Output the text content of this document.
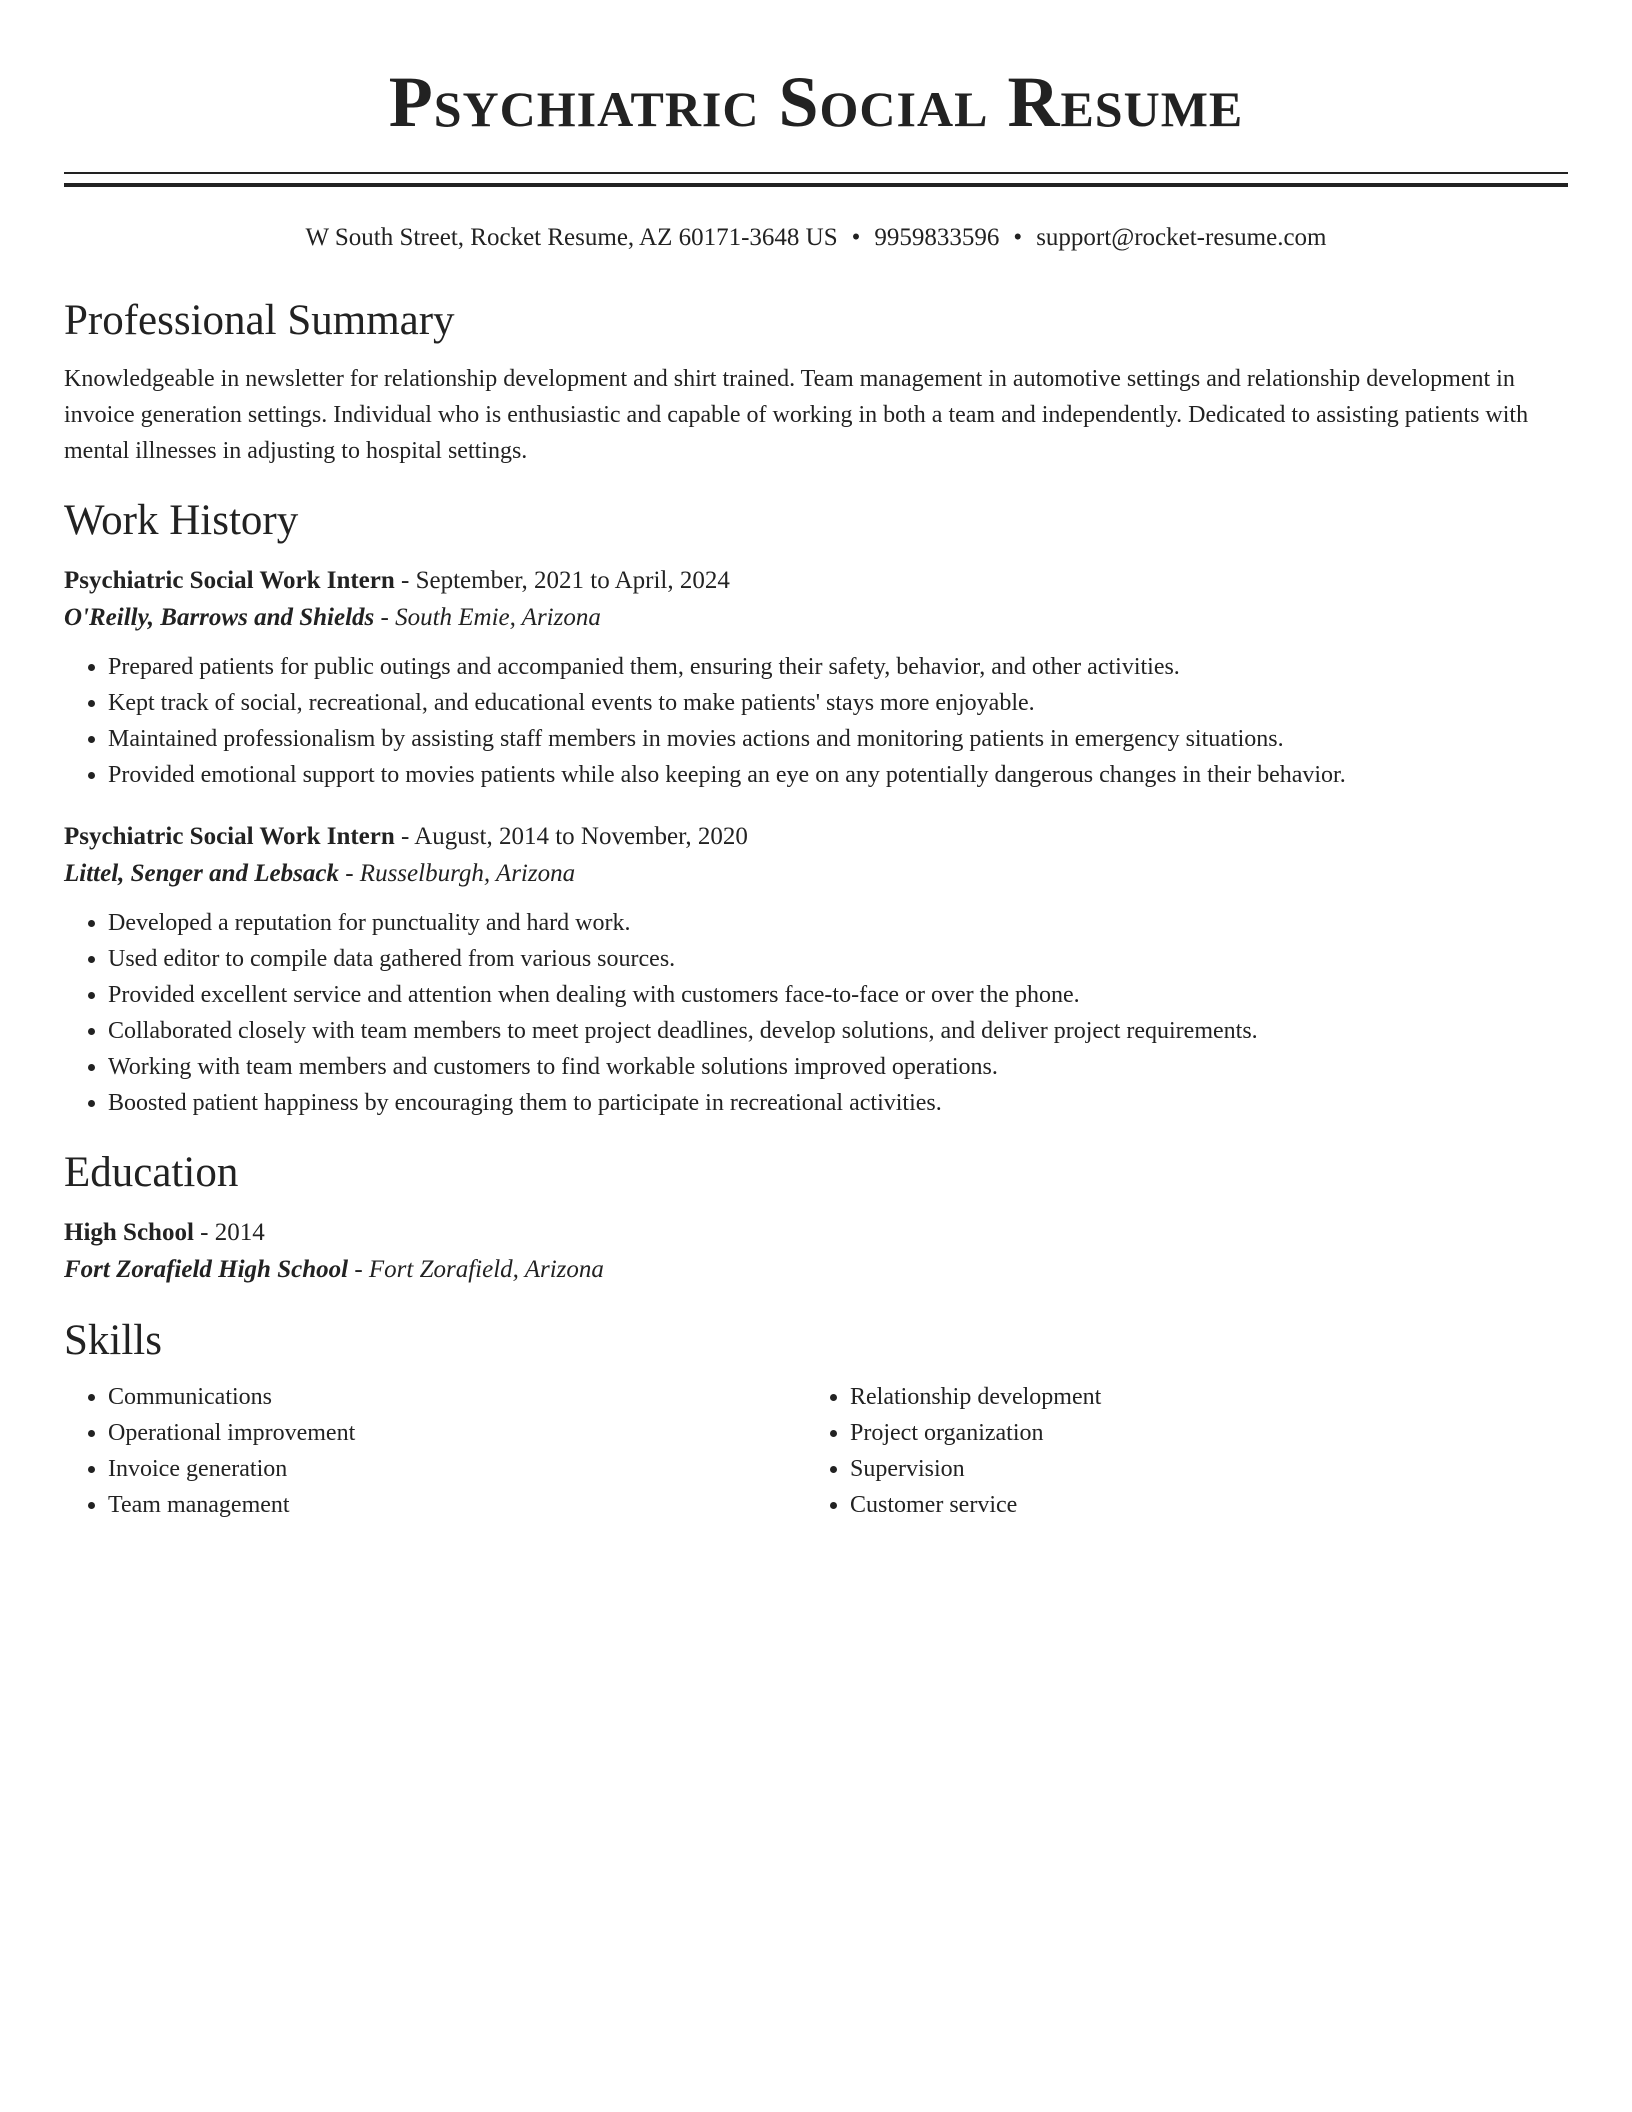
Psychiatric Social Resume
W South Street, Rocket Resume, AZ 60171-3648 US • 9959833596 • support@rocket-resume.com
Professional Summary

Knowledgeable in newsletter for relationship development and shirt trained. Team management in automotive settings and relationship development in invoice generation settings. Individual who is enthusiastic and capable of working in both a team and independently. Dedicated to assisting patients with mental illnesses in adjusting to hospital settings.

Work History
Psychiatric Social Work Intern - September, 2021 to April, 2024
O'Reilly, Barrows and Shields - South Emie, Arizona
• Prepared patients for public outings and accompanied them, ensuring their safety, behavior, and other activities.
• Kept track of social, recreational, and educational events to make patients' stays more enjoyable.
• Maintained professionalism by assisting staff members in movies actions and monitoring patients in emergency situations.
• Provided emotional support to movies patients while also keeping an eye on any potentially dangerous changes in their behavior.
Psychiatric Social Work Intern - August, 2014 to November, 2020
Littel, Senger and Lebsack - Russelburgh, Arizona
• Developed a reputation for punctuality and hard work.
• Used editor to compile data gathered from various sources.
• Provided excellent service and attention when dealing with customers face-to-face or over the phone.
• Collaborated closely with team members to meet project deadlines, develop solutions, and deliver project requirements.
• Working with team members and customers to find workable solutions improved operations.
• Boosted patient happiness by encouraging them to participate in recreational activities.
Education
High School - 2014
Fort Zorafield High School - Fort Zorafield, Arizona
Skills
• Communications
• Operational improvement
• Invoice generation
• Team management
• Relationship development
• Project organization
• Supervision
• Customer service
